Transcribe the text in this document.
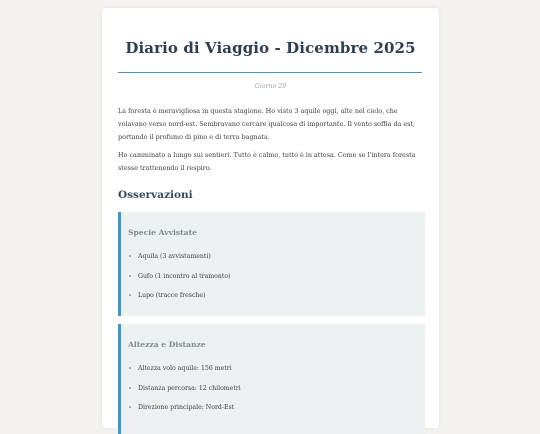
Diario di Viaggio - Dicembre 2025
Giorno 29

La foresta è meravigliosa in questa stagione. Ho visto 3 aquile oggi, alte nel cielo, che volavano verso nord-est. Sembravano cercare qualcosa di importante. Il vento soffia da est, portando il profumo di pino e di terra bagnata.

Ho camminato a lungo sui sentieri. Tutto è calmo, tutto è in attesa. Come se l'intera foresta stesse trattenendo il respiro.

Osservazioni
Specie Avvistate
• Aquila (3 avvistamenti)
• Gufo (1 incontro al tramonto)
• Lupo (tracce fresche)
Altezza e Distanze
• Altezza volo aquile: 156 metri
• Distanza percorsa: 12 chilometri
• Direzione principale: Nord-Est
